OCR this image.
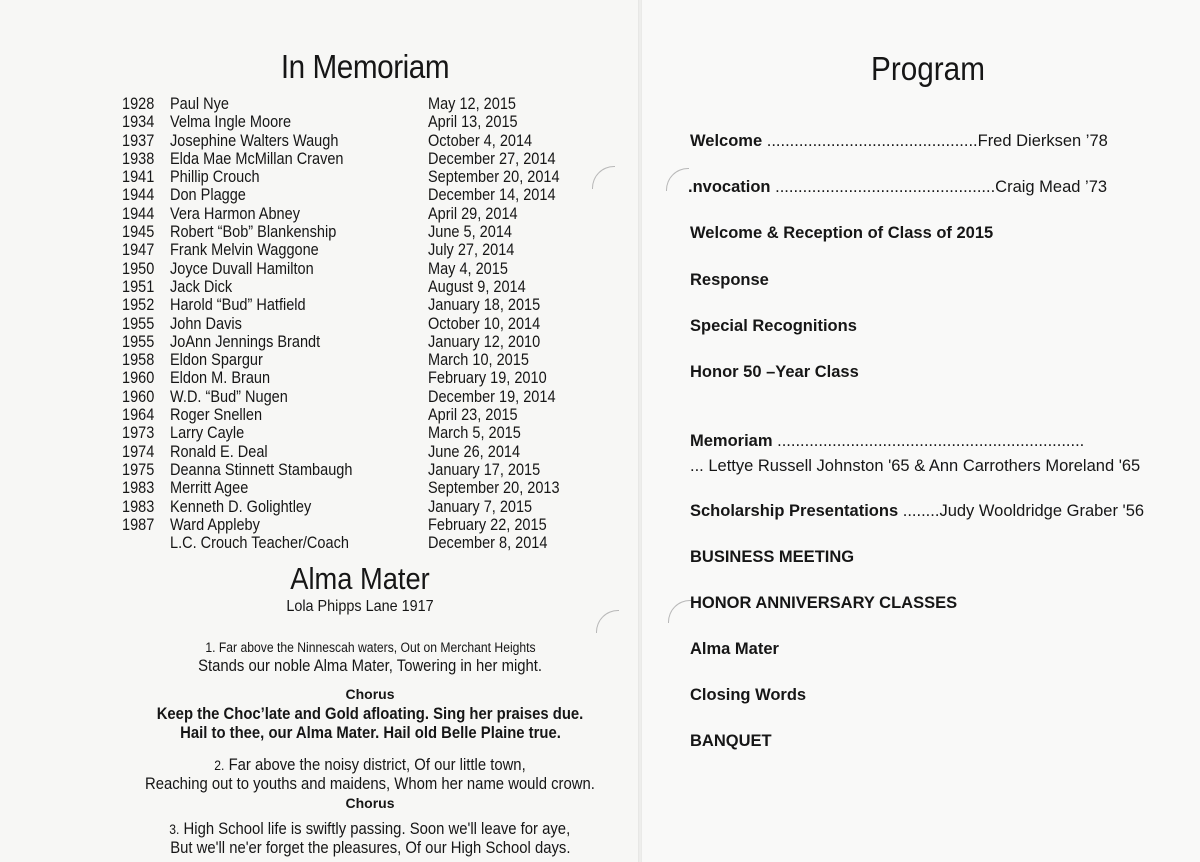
In Memoriam
1928 Paul Nye	May 12, 2015
1934 Velma Ingle Moore	April 13, 2015
1937 Josephine Walters Waugh	October 4, 2014
1938 Elda Mae McMillan Craven	December 27, 2014
1941 Phillip Crouch	September 20, 2014
1944 Don Plagge	December 14, 2014
1944 Vera Harmon Abney	April 29, 2014
1945 Robert “Bob” Blankenship	June 5, 2014
1947 Frank Melvin Waggone	July 27, 2014
1950 Joyce Duvall Hamilton	May 4, 2015
1951 Jack Dick	August 9, 2014
1952 Harold “Bud” Hatfield	January 18, 2015
1955 John Davis	October 10, 2014
1955 JoAnn Jennings Brandt	January 12, 2010
1958 Eldon Spargur	March 10, 2015
1960 Eldon M. Braun	February 19, 2010
1960 W.D. “Bud” Nugen	December 19, 2014
1964 Roger Snellen	April 23, 2015
1973 Larry Cayle	March 5, 2015
1974 Ronald E. Deal	June 26, 2014
1975 Deanna Stinnett Stambaugh	January 17, 2015
1983 Merritt Agee	September 20, 2013
1983 Kenneth D. Golightley	January 7, 2015
1987 Ward Appleby	February 22, 2015
L.C. Crouch Teacher/Coach	December 8, 2014
Alma Mater
Lola Phipps Lane 1917
1. Far above the Ninnescah waters, Out on Merchant Heights
Stands our noble Alma Mater, Towering in her might.
Chorus
Keep the Choc’late and Gold afloating. Sing her praises due.
Hail to thee, our Alma Mater. Hail old Belle Plaine true.
2. Far above the noisy district, Of our little town,
Reaching out to youths and maidens, Whom her name would crown.
Chorus
3. High School life is swiftly passing. Soon we'll leave for aye,
But we'll ne'er forget the pleasures, Of our High School days.
Program
Welcome ..............................................Fred Dierksen ’78
.nvocation ................................................Craig Mead ’73
Welcome & Reception of Class of 2015
Response
Special Recognitions
Honor 50 –Year Class
Memoriam ...................................................................
... Lettye Russell Johnston '65 & Ann Carrothers Moreland '65
Scholarship Presentations ........Judy Wooldridge Graber '56
BUSINESS MEETING
HONOR ANNIVERSARY CLASSES
Alma Mater
Closing Words
BANQUET
